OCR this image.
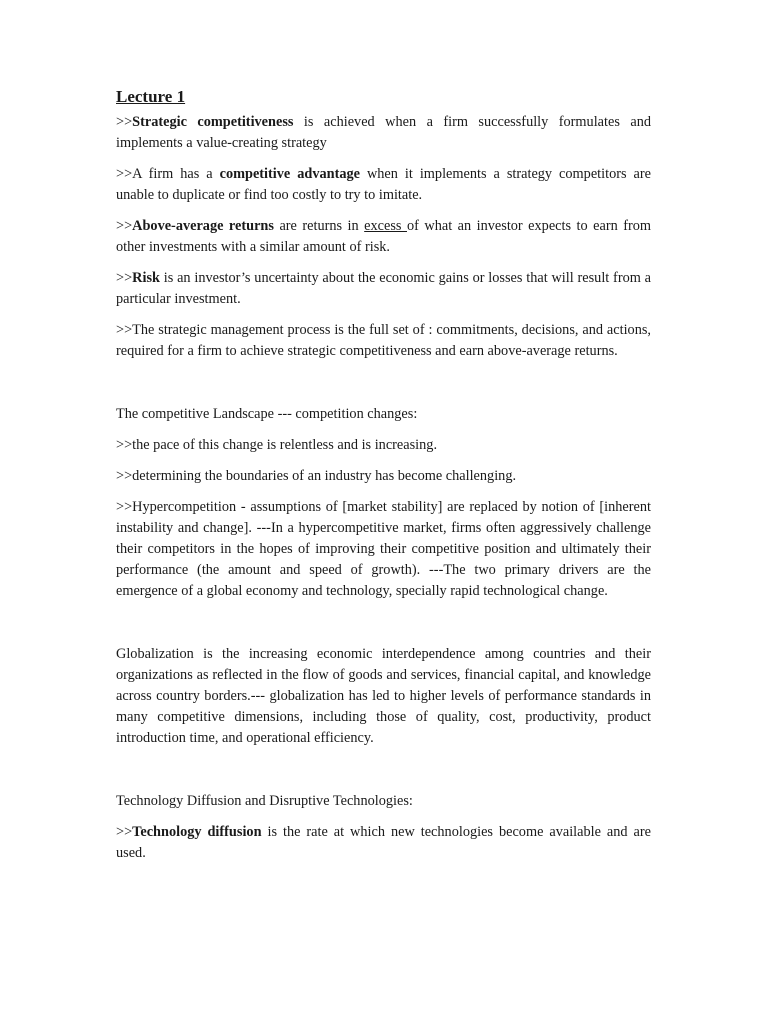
Lecture 1

>>Strategic competitiveness is achieved when a firm successfully formulates and implements a value-creating strategy

>>A firm has a competitive advantage when it implements a strategy competitors are unable to duplicate or find too costly to try to imitate.

>>Above-average returns are returns in excess of what an investor expects to earn from other investments with a similar amount of risk.

>>Risk is an investor’s uncertainty about the economic gains or losses that will result from a particular investment.

>>The strategic management process is the full set of : commitments, decisions, and actions, required for a firm to achieve strategic competitiveness and earn above-average returns.

The competitive Landscape --- competition changes:

>>the pace of this change is relentless and is increasing.

>>determining the boundaries of an industry has become challenging.

>>Hypercompetition - assumptions of [market stability] are replaced by notion of [inherent instability and change]. ---In a hypercompetitive market, firms often aggressively challenge their competitors in the hopes of improving their competitive position and ultimately their performance (the amount and speed of growth). ---The two primary drivers are the emergence of a global economy and technology, specially rapid technological change.

Globalization is the increasing economic interdependence among countries and their organizations as reflected in the flow of goods and services, financial capital, and knowledge across country borders.--- globalization has led to higher levels of performance standards in many competitive dimensions, including those of quality, cost, productivity, product introduction time, and operational efficiency.

Technology Diffusion and Disruptive Technologies:

>>Technology diffusion is the rate at which new technologies become available and are used.
